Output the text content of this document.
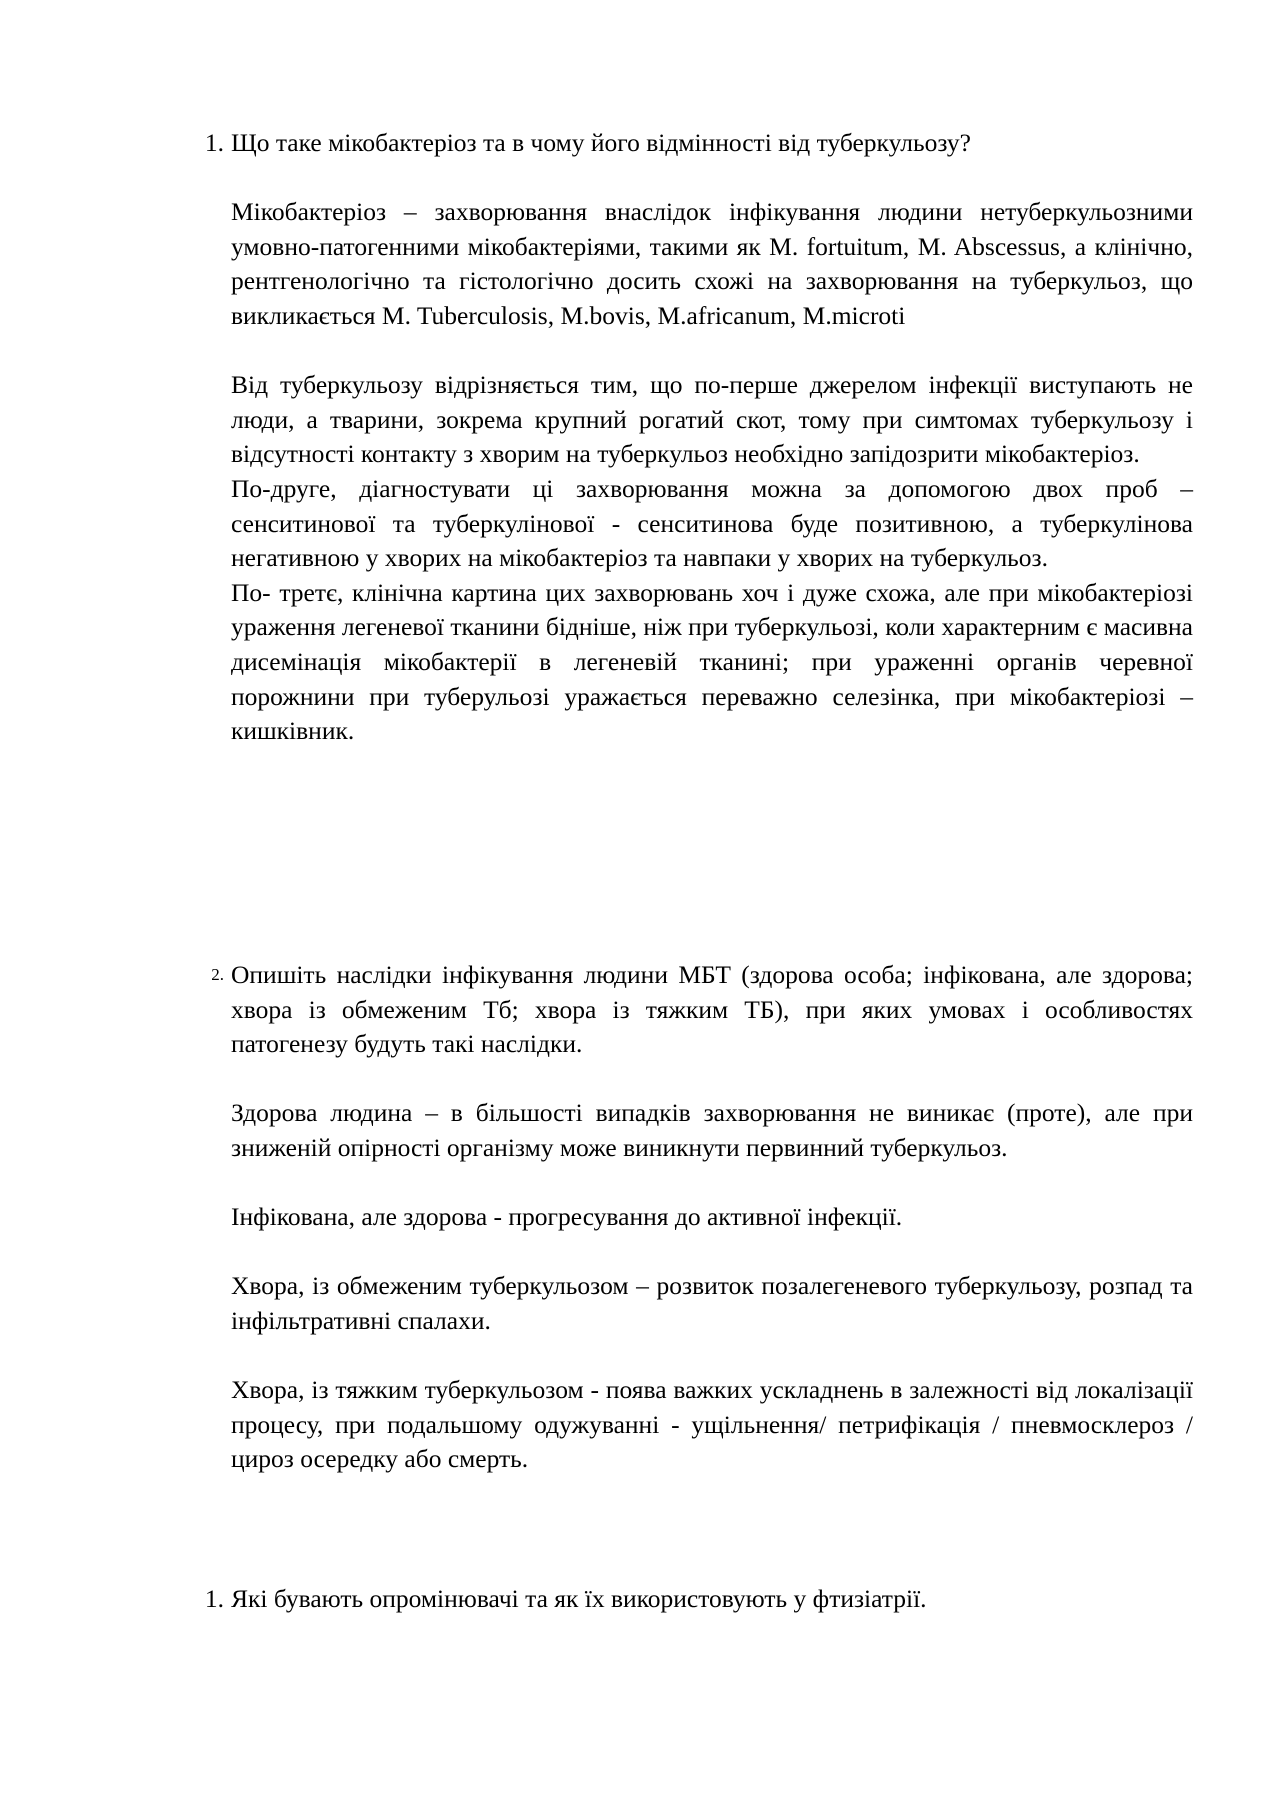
1. Що таке мікобактеріоз та в чому його відмінності від туберкульозу?

Мікобактеріоз – захворювання внаслідок інфікування людини нетуберкульозними умовно-патогенними мікобактеріями, такими як M. fortuitum, M. Abscessus, а клінічно, рентгенологічно та гістологічно досить схожі на захворювання на туберкульоз, що викликається M. Tuberculosis, M.bovis, M.africanum, M.microti

Від туберкульозу відрізняється тим, що по-перше джерелом інфекції виступають не люди, а тварини, зокрема крупний рогатий скот, тому при симтомах туберкульозу і відсутності контакту з хворим на туберкульоз необхідно запідозрити мікобактеріоз.

По-друге, діагностувати ці захворювання можна за допомогою двох проб – сенситинової та туберкулінової - сенситинова буде позитивною, а туберкулінова негативною у хворих на мікобактеріоз та навпаки у хворих на туберкульоз.

По- третє, клінічна картина цих захворювань хоч і дуже схожа, але при мікобактеріозі ураження легеневої тканини бідніше, ніж при туберкульозі, коли характерним є масивна дисемінація мікобактерії в легеневій тканині; при ураженні органів черевної порожнини при туберульозі уражається переважно селезінка, при мікобактеріозі – кишківник.

2. Опишіть наслідки інфікування людини МБТ (здорова особа; інфікована, але здорова; хвора із обмеженим Тб; хвора із тяжким ТБ), при яких умовах і особливостях патогенезу будуть такі наслідки.

Здорова людина – в більшості випадків захворювання не виникає (проте), але при зниженій опірності організму може виникнути первинний туберкульоз.

Інфікована, але здорова - прогресування до активної інфекції.

Хвора, із обмеженим туберкульозом – розвиток позалегеневого туберкульозу, розпад та інфільтративні спалахи.

Хвора, із тяжким туберкульозом - поява важких ускладнень в залежності від локалізації процесу, при подальшому одужуванні - ущільнення/ петрифікація / пневмосклероз / цироз осередку або смерть.

1. Які бувають опромінювачі та як їх використовують у фтизіатрії.
